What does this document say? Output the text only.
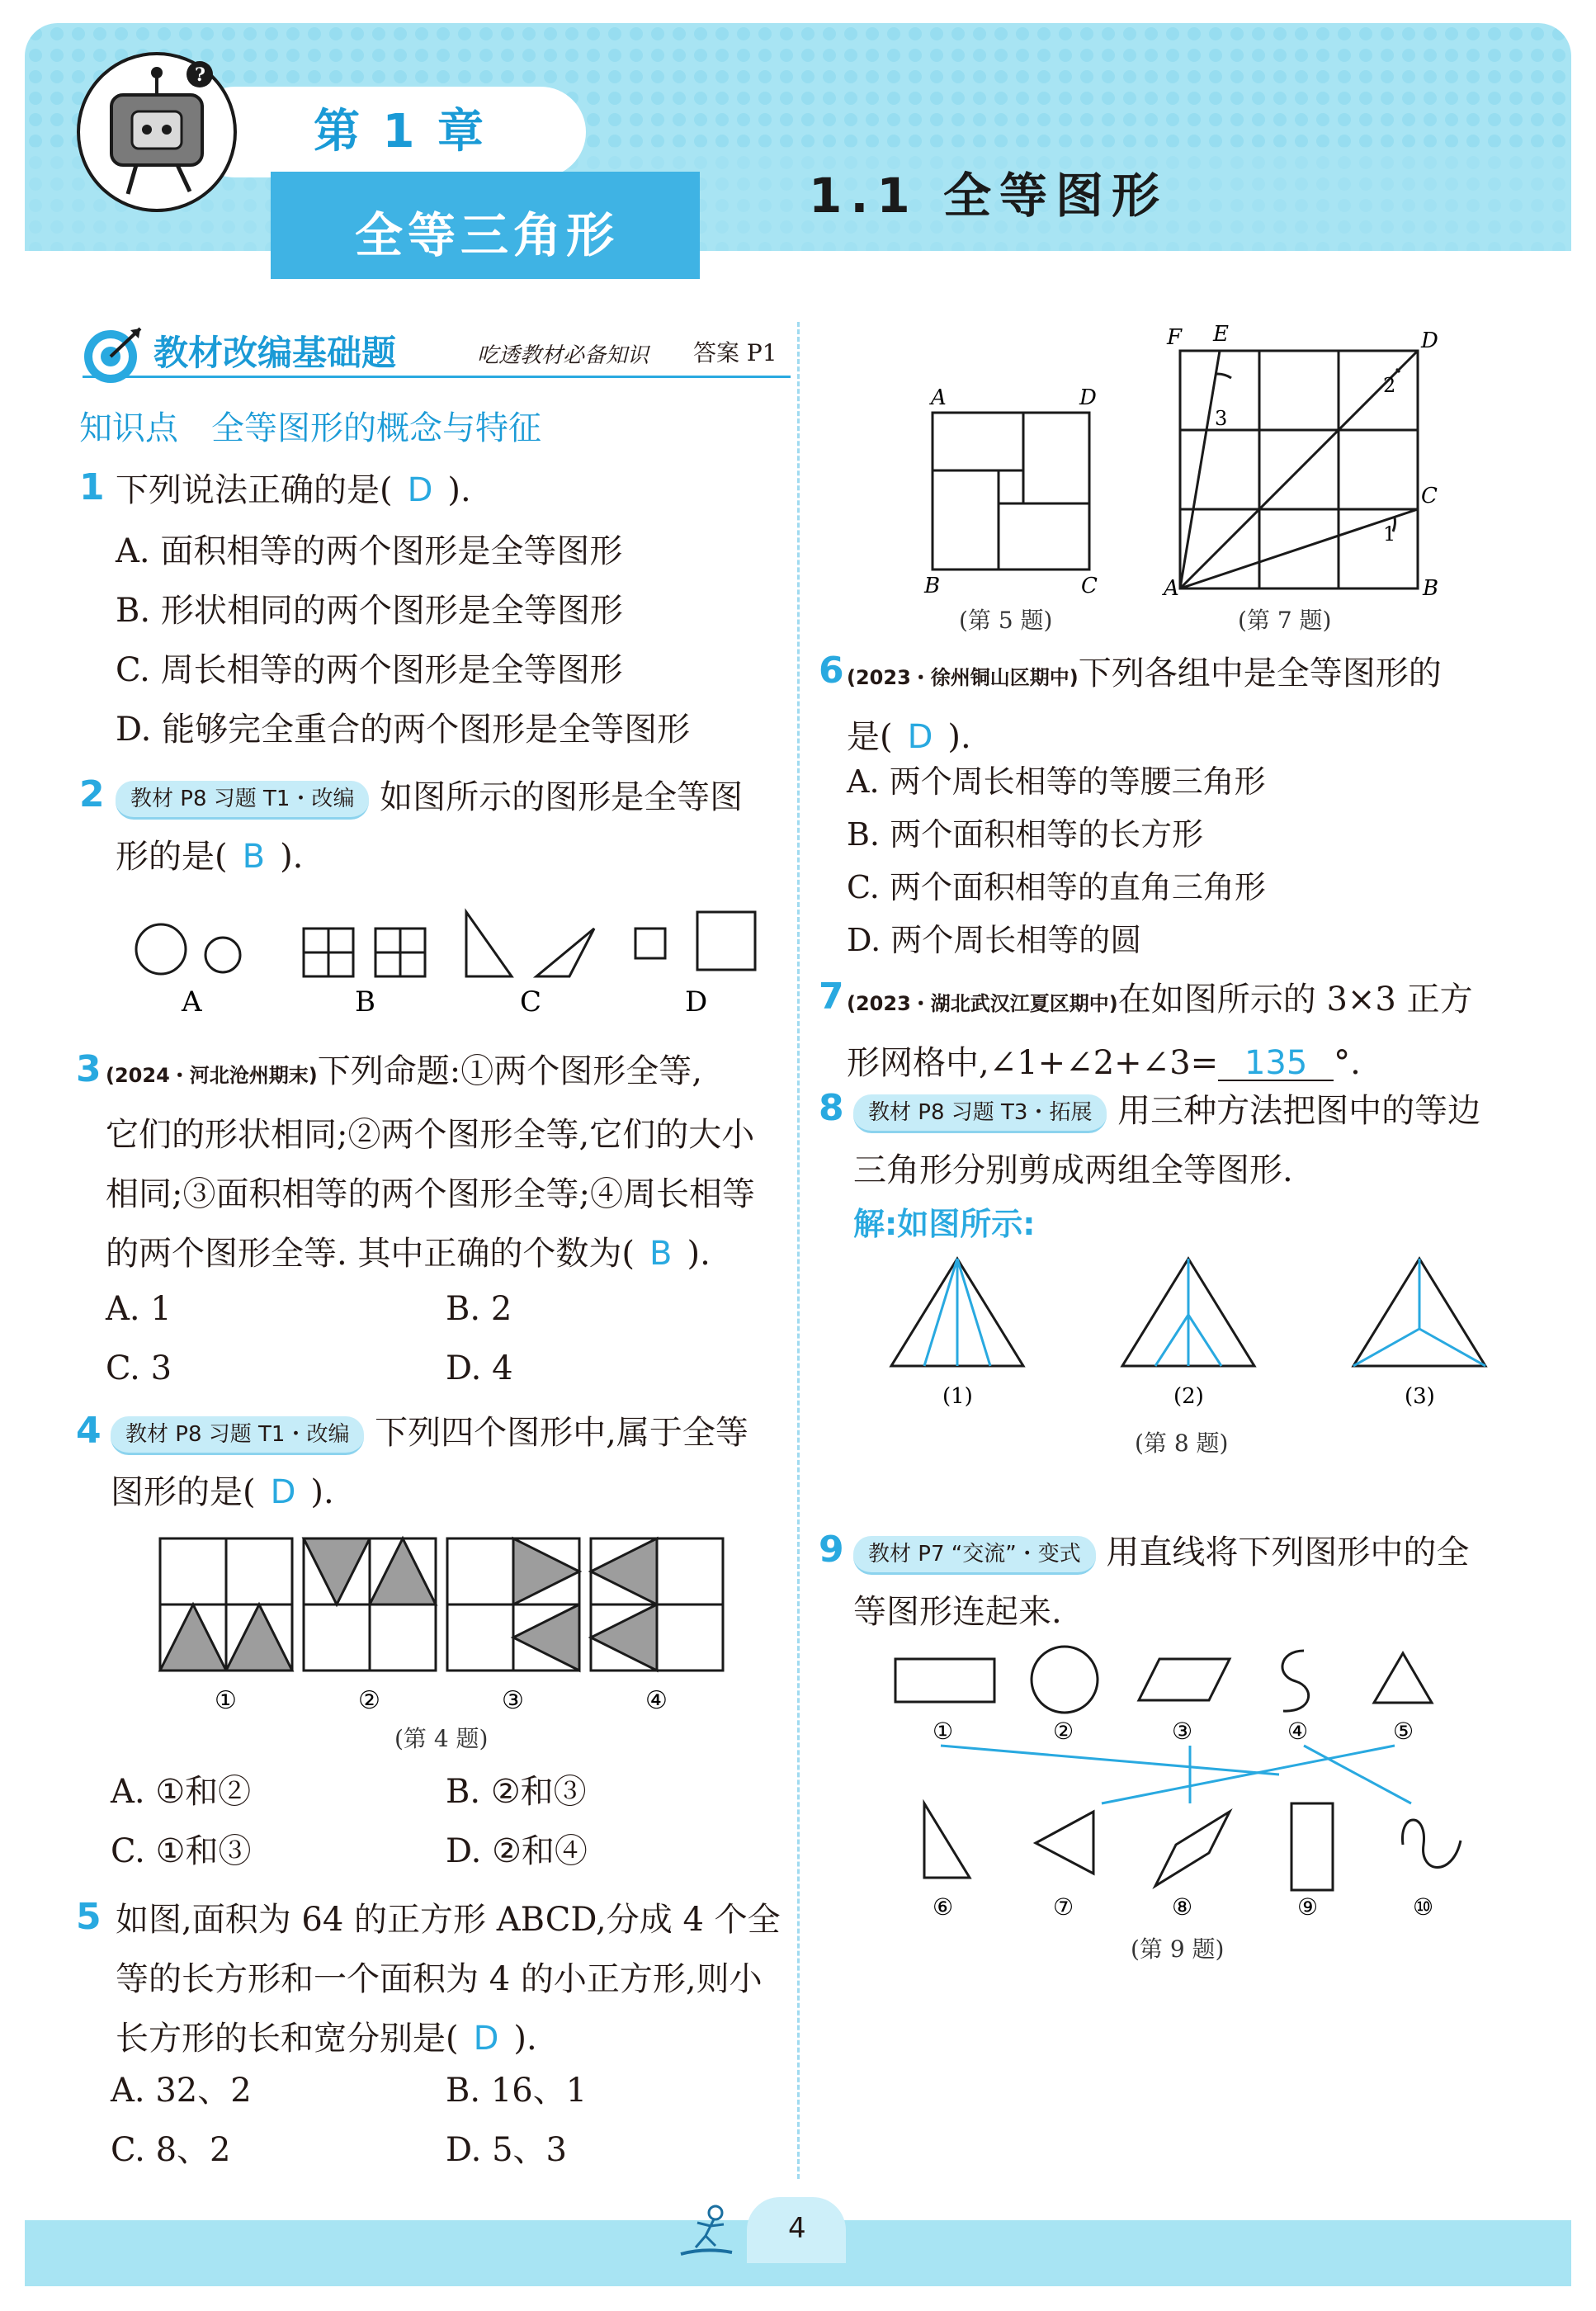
第 1 章
全等三角形
1.1 全等图形
?
教材改编基础题	吃透教材必备知识 答案 P1
知识点　全等图形的概念与特征
1 下列说法正确的是( D ).
A. 面积相等的两个图形是全等图形
B. 形状相同的两个图形是全等图形
C. 周长相等的两个图形是全等图形
D. 能够完全重合的两个图形是全等图形
2	教材 P8 习题 T1・改编 如图所示的图形是全等图
形的是( B ).
A	B	C	D
3 (2024・河北沧州期末)下列命题:①两个图形全等,
它们的形状相同;②两个图形全等,它们的大小
相同;③面积相等的两个图形全等;④周长相等
的两个图形全等. 其中正确的个数为( B ).
A. 1	B. 2
C. 3	D. 4
4	教材 P8 习题 T1・改编 下列四个图形中,属于全等
图形的是( D ).
①	②	③	④
(第 4 题)
A. ①和②	B. ②和③
C. ①和③	D. ②和④
5 如图,面积为 64 的正方形 ABCD,分成 4 个全
等的长方形和一个面积为 4 的小正方形,则小
长方形的长和宽分别是( D ).
A. 32、2	B. 16、1
C. 8、2	D. 5、3
A	D
B	C
(第 5 题)
F E	D
C
A	B
1
2
3
(第 7 题)
6 (2023・徐州铜山区期中)下列各组中是全等图形的
是( D ).
A. 两个周长相等的等腰三角形
B. 两个面积相等的长方形
C. 两个面积相等的直角三角形
D. 两个周长相等的圆
7 (2023・湖北武汉江夏区期中)在如图所示的 3×3 正方
形网格中,∠1+∠2+∠3= 135 °.
8	教材 P8 习题 T3・拓展 用三种方法把图中的等边
三角形分别剪成两组全等图形.
解:如图所示:
(1)	(2)	(3)
(第 8 题)
9	教材 P7 “交流”・变式 用直线将下列图形中的全
等图形连起来.
①	②	③	④	⑤
⑥	⑦	⑧	⑨	⑩
(第 9 题)
4
